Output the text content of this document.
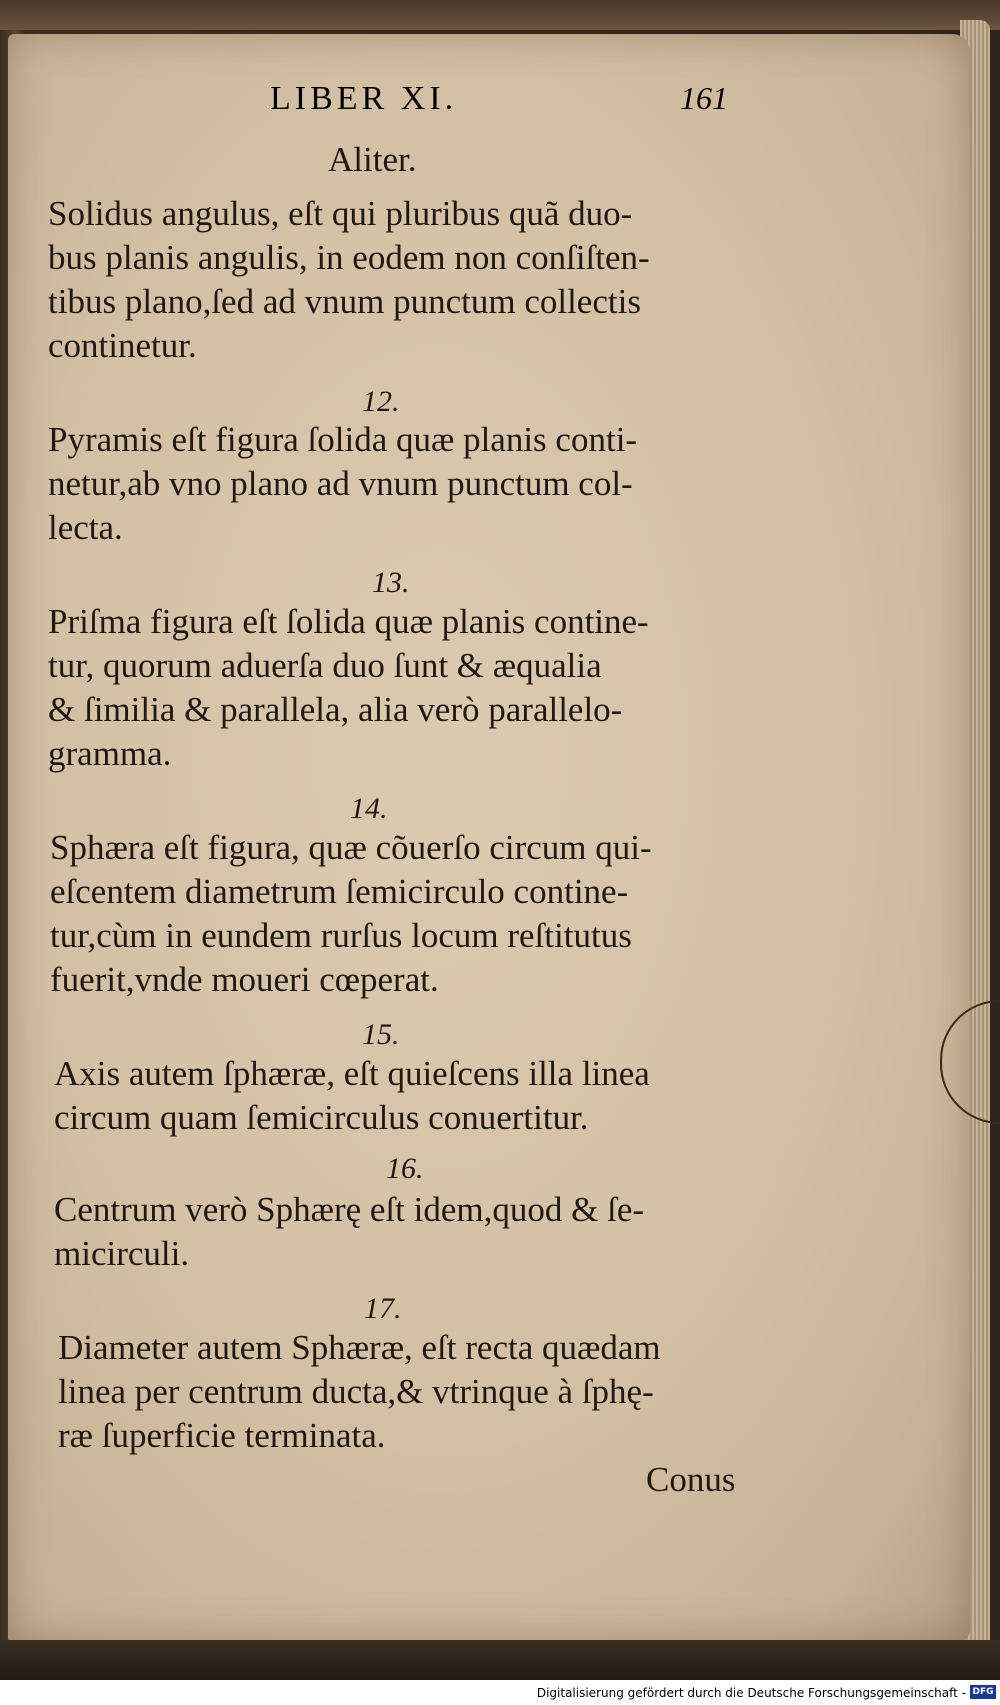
LIBER XI.	161
Aliter.
Solidus angulus, eſt qui pluribus quã duo-
bus planis angulis, in eodem non conſiſten-
tibus plano,ſed ad vnum punctum collectis
continetur.
12.
Pyramis eſt figura ſolida quæ planis conti-
netur,ab vno plano ad vnum punctum col-
lecta.
13.
Priſma figura eſt ſolida quæ planis contine-
tur, quorum aduerſa duo ſunt & æqualia
& ſimilia & parallela, alia verò parallelo-
gramma.
14.
Sphæra eſt figura, quæ cõuerſo circum qui-
eſcentem diametrum ſemicirculo contine-
tur,cùm in eundem rurſus locum reſtitutus
fuerit,vnde moueri cœperat.
15.
Axis autem ſphæræ, eſt quieſcens illa linea
circum quam ſemicirculus conuertitur.
16.
Centrum verò Sphærę eſt idem,quod & ſe-
micirculi.
17.
Diameter autem Sphæræ, eſt recta quædam
linea per centrum ducta,& vtrinque à ſphę-
ræ ſuperficie terminata.
Conus
Digitalisierung gefördert durch die Deutsche Forschungsgemeinschaft - DFG
